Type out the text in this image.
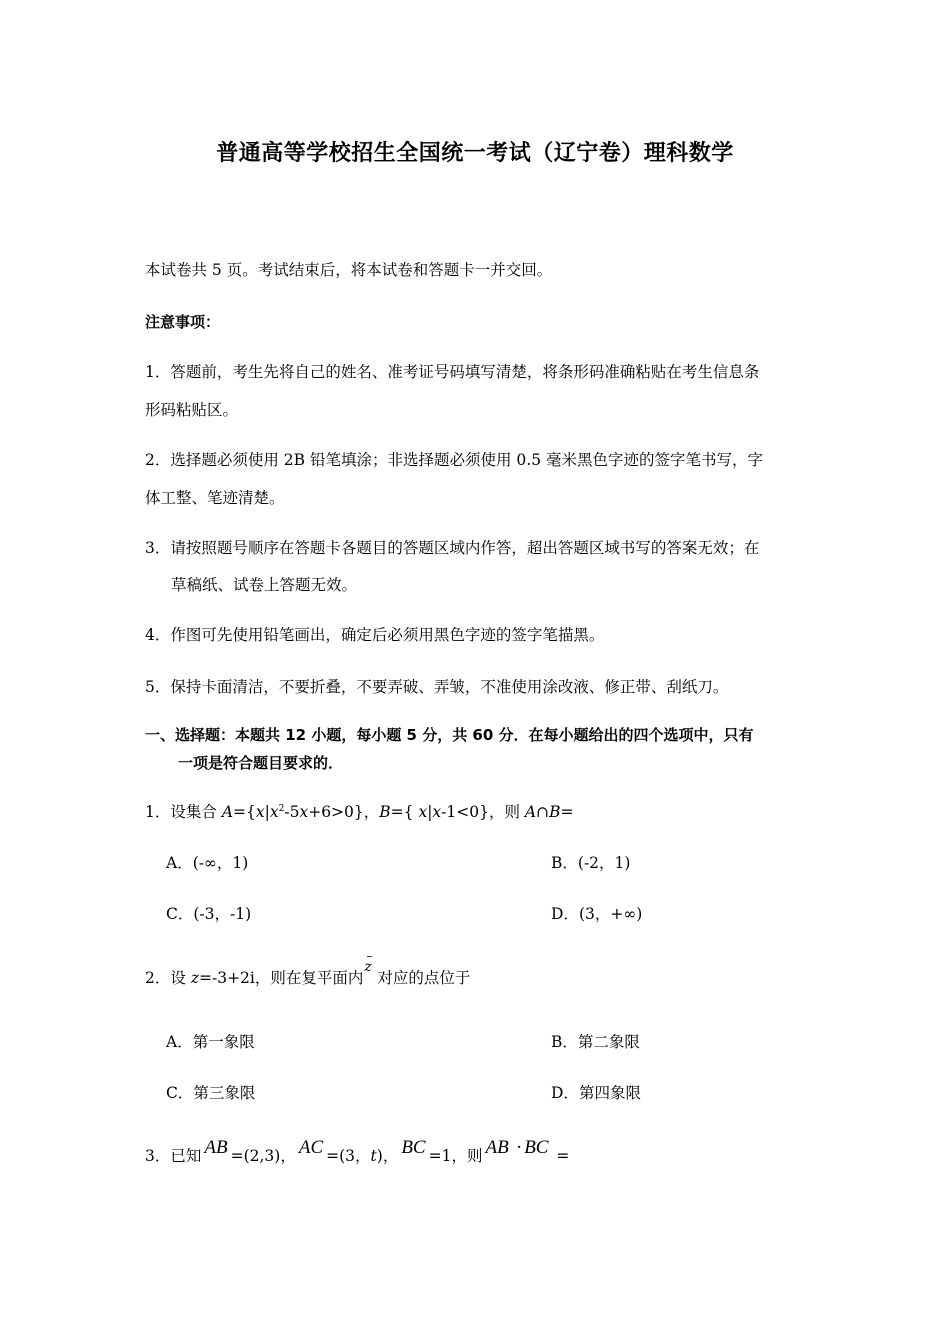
普通高等学校招生全国统一考试（辽宁卷）理科数学
本试卷共 5 页。考试结束后，将本试卷和答题卡一并交回。
注意事项：
1．答题前，考生先将自己的姓名、准考证号码填写清楚，将条形码准确粘贴在考生信息条
形码粘贴区。
2．选择题必须使用 2B 铅笔填涂；非选择题必须使用 0.5 毫米黑色字迹的签字笔书写，字
体工整、笔迹清楚。
3．请按照题号顺序在答题卡各题目的答题区域内作答，超出答题区域书写的答案无效；在
草稿纸、试卷上答题无效。
4．作图可先使用铅笔画出，确定后必须用黑色字迹的签字笔描黑。
5．保持卡面清洁，不要折叠，不要弄破、弄皱，不准使用涂改液、修正带、刮纸刀。
一、选择题：本题共 12 小题，每小题 5 分，共 60 分．在每小题给出的四个选项中，只有
一项是符合题目要求的．
1．设集合 $A=\{x|x^2-5x+6>0\}$，B={ x|x-1<0}，则 A∩B=
A．(-∞，1)	B．(-2，1)
C．(-3，-1)	D．(3，+∞)
2．设 z=-3+2i，则在复平面内
–
z
对应的点位于
A．第一象限	B．第二象限
C．第三象限	D．第四象限
3．已知 AB =(2,3)， AC =(3，t)， BC =1，则 AB · BC =
